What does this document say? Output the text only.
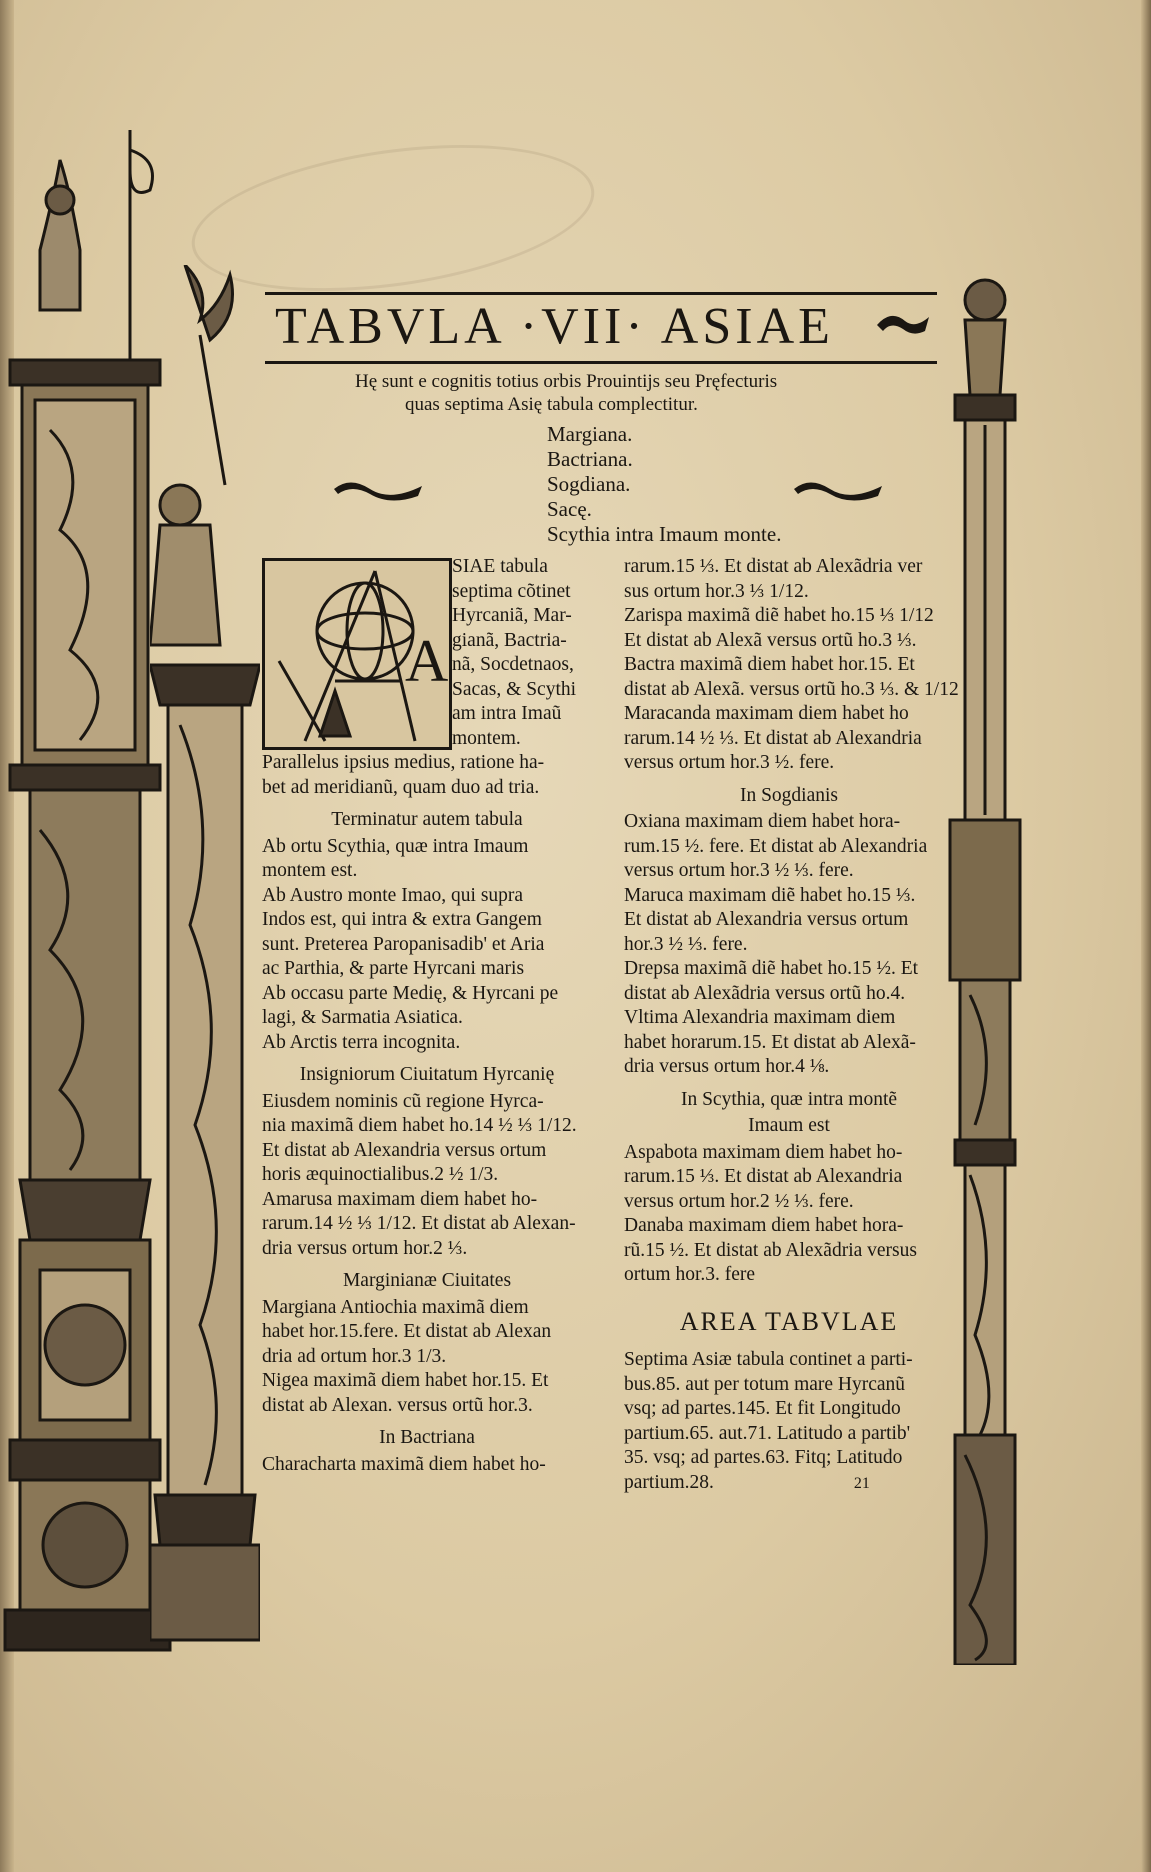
TABVLA ·VII· ASIAE
Hę sunt e cognitis totius orbis Prouintijs seu Pręfecturis
quas septima Asię tabula complectitur.
Margiana.
Bactriana.
Sogdiana.
Sacę.
Scythia intra Imaum monte.
A
SIAE tabula
septima cõtinet
Hyrcaniã, Mar-
gianã, Bactria-
nã, Socdetnaos,
Sacas, & Scythi
am intra Imaũ
montem.
Parallelus ipsius medius, ratione ha-
bet ad meridianũ, quam duo ad tria.
Terminatur autem tabula
Ab ortu Scythia, quæ intra Imaum
montem est.
Ab Austro monte Imao, qui supra
Indos est, qui intra & extra Gangem
sunt. Preterea Paropanisadib' et Aria
ac Parthia, & parte Hyrcani maris
Ab occasu parte Medię, & Hyrcani pe
lagi, & Sarmatia Asiatica.
Ab Arctis terra incognita.
Insigniorum Ciuitatum Hyrcanię
Eiusdem nominis cũ regione Hyrca-
nia maximã diem habet ho.14 ½ ⅓ 1/12.
Et distat ab Alexandria versus ortum
horis æquinoctialibus.2 ½ 1/3.
Amarusa maximam diem habet ho-
rarum.14 ½ ⅓ 1/12. Et distat ab Alexan-
dria versus ortum hor.2 ⅓.
Marginianæ Ciuitates
Margiana Antiochia maximã diem
habet hor.15.fere. Et distat ab Alexan
dria ad ortum hor.3 1/3.
Nigea maximã diem habet hor.15. Et
distat ab Alexan. versus ortũ hor.3.
In Bactriana
Characharta maximã diem habet ho-
rarum.15 ⅓. Et distat ab Alexãdria ver
sus ortum hor.3 ⅓ 1/12.
Zarispa maximã diẽ habet ho.15 ⅓ 1/12
Et distat ab Alexã versus ortũ ho.3 ⅓.
Bactra maximã diem habet hor.15. Et
distat ab Alexã. versus ortũ ho.3 ⅓. & 1/12
Maracanda maximam diem habet ho
rarum.14 ½ ⅓. Et distat ab Alexandria
versus ortum hor.3 ½. fere.
In Sogdianis
Oxiana maximam diem habet hora-
rum.15 ½. fere. Et distat ab Alexandria
versus ortum hor.3 ½ ⅓. fere.
Maruca maximam diẽ habet ho.15 ⅓.
Et distat ab Alexandria versus ortum
hor.3 ½ ⅓. fere.
Drepsa maximã diẽ habet ho.15 ½. Et
distat ab Alexãdria versus ortũ ho.4.
Vltima Alexandria maximam diem
habet horarum.15. Et distat ab Alexã-
dria versus ortum hor.4 ⅛.
In Scythia, quæ intra montẽ
Imaum est
Aspabota maximam diem habet ho-
rarum.15 ⅓. Et distat ab Alexandria
versus ortum hor.2 ½ ⅓. fere.
Danaba maximam diem habet hora-
rũ.15 ½. Et distat ab Alexãdria versus
ortum hor.3. fere
AREA TABVLAE
Septima Asiæ tabula continet a parti-
bus.85. aut per totum mare Hyrcanũ
vsq; ad partes.145. Et fit Longitudo
partium.65. aut.71. Latitudo a partib'
35. vsq; ad partes.63. Fitq; Latitudo
partium.28.	21
